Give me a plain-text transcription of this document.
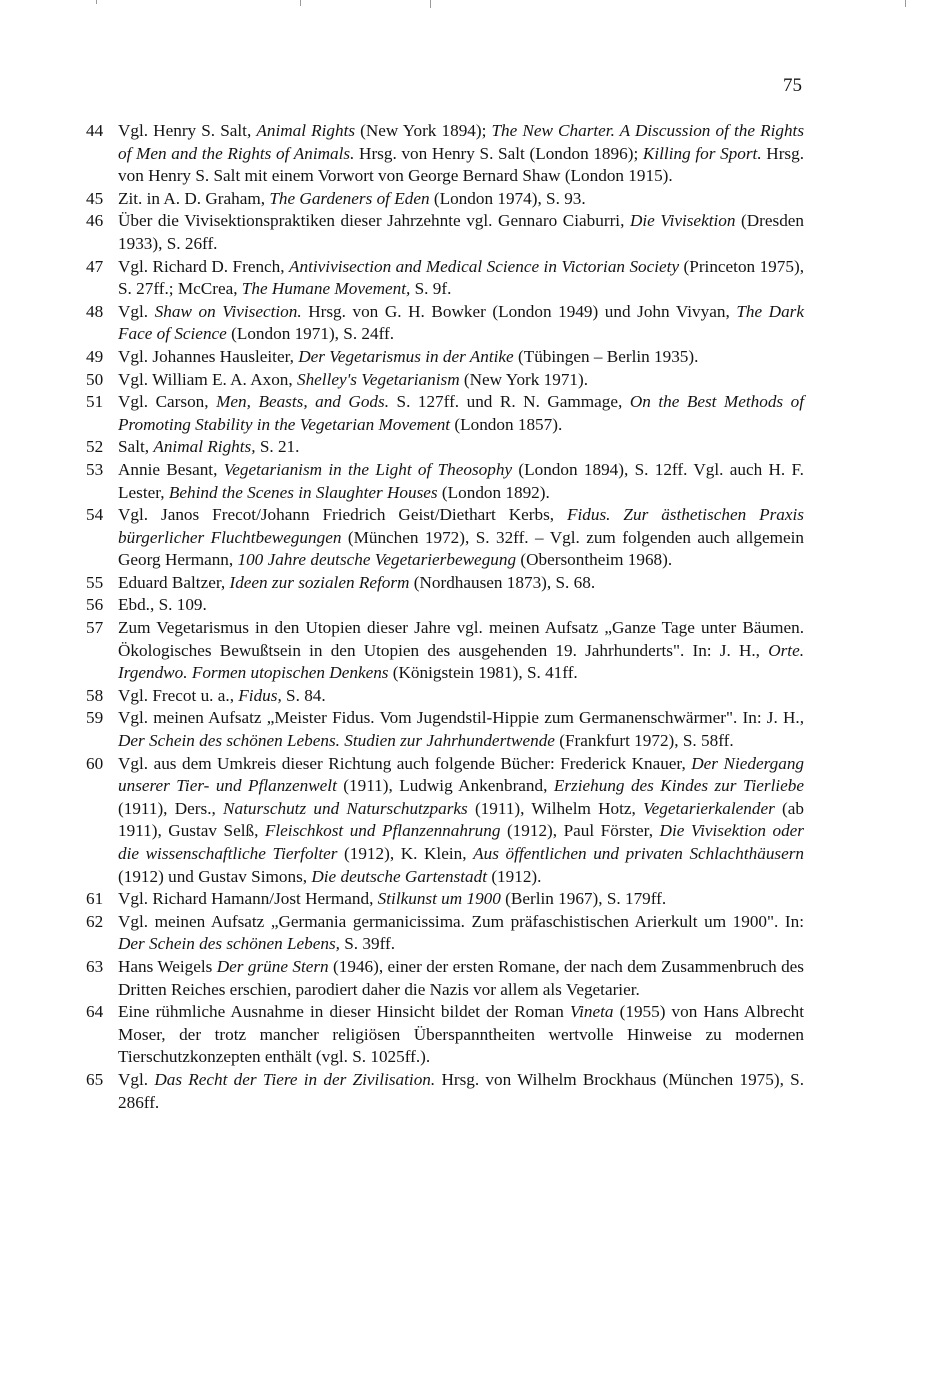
75
44 Vgl. Henry S. Salt, Animal Rights (New York 1894); The New Charter. A Discussion of the Rights of Men and the Rights of Animals. Hrsg. von Henry S. Salt (London 1896); Killing for Sport. Hrsg. von Henry S. Salt mit einem Vorwort von George Bernard Shaw (London 1915).
45 Zit. in A. D. Graham, The Gardeners of Eden (London 1974), S. 93.
46 Über die Vivisektionspraktiken dieser Jahrzehnte vgl. Gennaro Ciaburri, Die Vivisektion (Dresden 1933), S. 26ff.
47 Vgl. Richard D. French, Antivivisection and Medical Science in Victorian Society (Princeton 1975), S. 27ff.; McCrea, The Humane Movement, S. 9f.
48 Vgl. Shaw on Vivisection. Hrsg. von G. H. Bowker (London 1949) und John Vivyan, The Dark Face of Science (London 1971), S. 24ff.
49 Vgl. Johannes Hausleiter, Der Vegetarismus in der Antike (Tübingen – Berlin 1935).
50 Vgl. William E. A. Axon, Shelley's Vegetarianism (New York 1971).
51 Vgl. Carson, Men, Beasts, and Gods. S. 127ff. und R. N. Gammage, On the Best Methods of Promoting Stability in the Vegetarian Movement (London 1857).
52 Salt, Animal Rights, S. 21.
53 Annie Besant, Vegetarianism in the Light of Theosophy (London 1894), S. 12ff. Vgl. auch H. F. Lester, Behind the Scenes in Slaughter Houses (London 1892).
54 Vgl. Janos Frecot/Johann Friedrich Geist/Diethart Kerbs, Fidus. Zur ästhetischen Praxis bürgerlicher Fluchtbewegungen (München 1972), S. 32ff. – Vgl. zum folgenden auch allgemein Georg Hermann, 100 Jahre deutsche Vegetarierbewegung (Obersontheim 1968).
55 Eduard Baltzer, Ideen zur sozialen Reform (Nordhausen 1873), S. 68.
56 Ebd., S. 109.
57 Zum Vegetarismus in den Utopien dieser Jahre vgl. meinen Aufsatz „Ganze Tage unter Bäumen. Ökologisches Bewußtsein in den Utopien des ausgehenden 19. Jahrhunderts". In: J. H., Orte. Irgendwo. Formen utopischen Denkens (Königstein 1981), S. 41ff.
58 Vgl. Frecot u. a., Fidus, S. 84.
59 Vgl. meinen Aufsatz „Meister Fidus. Vom Jugendstil-Hippie zum Germanenschwärmer". In: J. H., Der Schein des schönen Lebens. Studien zur Jahrhundertwende (Frankfurt 1972), S. 58ff.
60 Vgl. aus dem Umkreis dieser Richtung auch folgende Bücher: Frederick Knauer, Der Niedergang unserer Tier- und Pflanzenwelt (1911), Ludwig Ankenbrand, Erziehung des Kindes zur Tierliebe (1911), Ders., Naturschutz und Naturschutzparks (1911), Wilhelm Hotz, Vegetarierkalender (ab 1911), Gustav Selß, Fleischkost und Pflanzennahrung (1912), Paul Förster, Die Vivisektion oder die wissenschaftliche Tierfolter (1912), K. Klein, Aus öffentlichen und privaten Schlachthäusern (1912) und Gustav Simons, Die deutsche Gartenstadt (1912).
61 Vgl. Richard Hamann/Jost Hermand, Stilkunst um 1900 (Berlin 1967), S. 179ff.
62 Vgl. meinen Aufsatz „Germania germanicissima. Zum präfaschistischen Arierkult um 1900". In: Der Schein des schönen Lebens, S. 39ff.
63 Hans Weigels Der grüne Stern (1946), einer der ersten Romane, der nach dem Zusammenbruch des Dritten Reiches erschien, parodiert daher die Nazis vor allem als Vegetarier.
64 Eine rühmliche Ausnahme in dieser Hinsicht bildet der Roman Vineta (1955) von Hans Albrecht Moser, der trotz mancher religiösen Überspanntheiten wertvolle Hinweise zu modernen Tierschutzkonzepten enthält (vgl. S. 1025ff.).
65 Vgl. Das Recht der Tiere in der Zivilisation. Hrsg. von Wilhelm Brockhaus (München 1975), S. 286ff.
